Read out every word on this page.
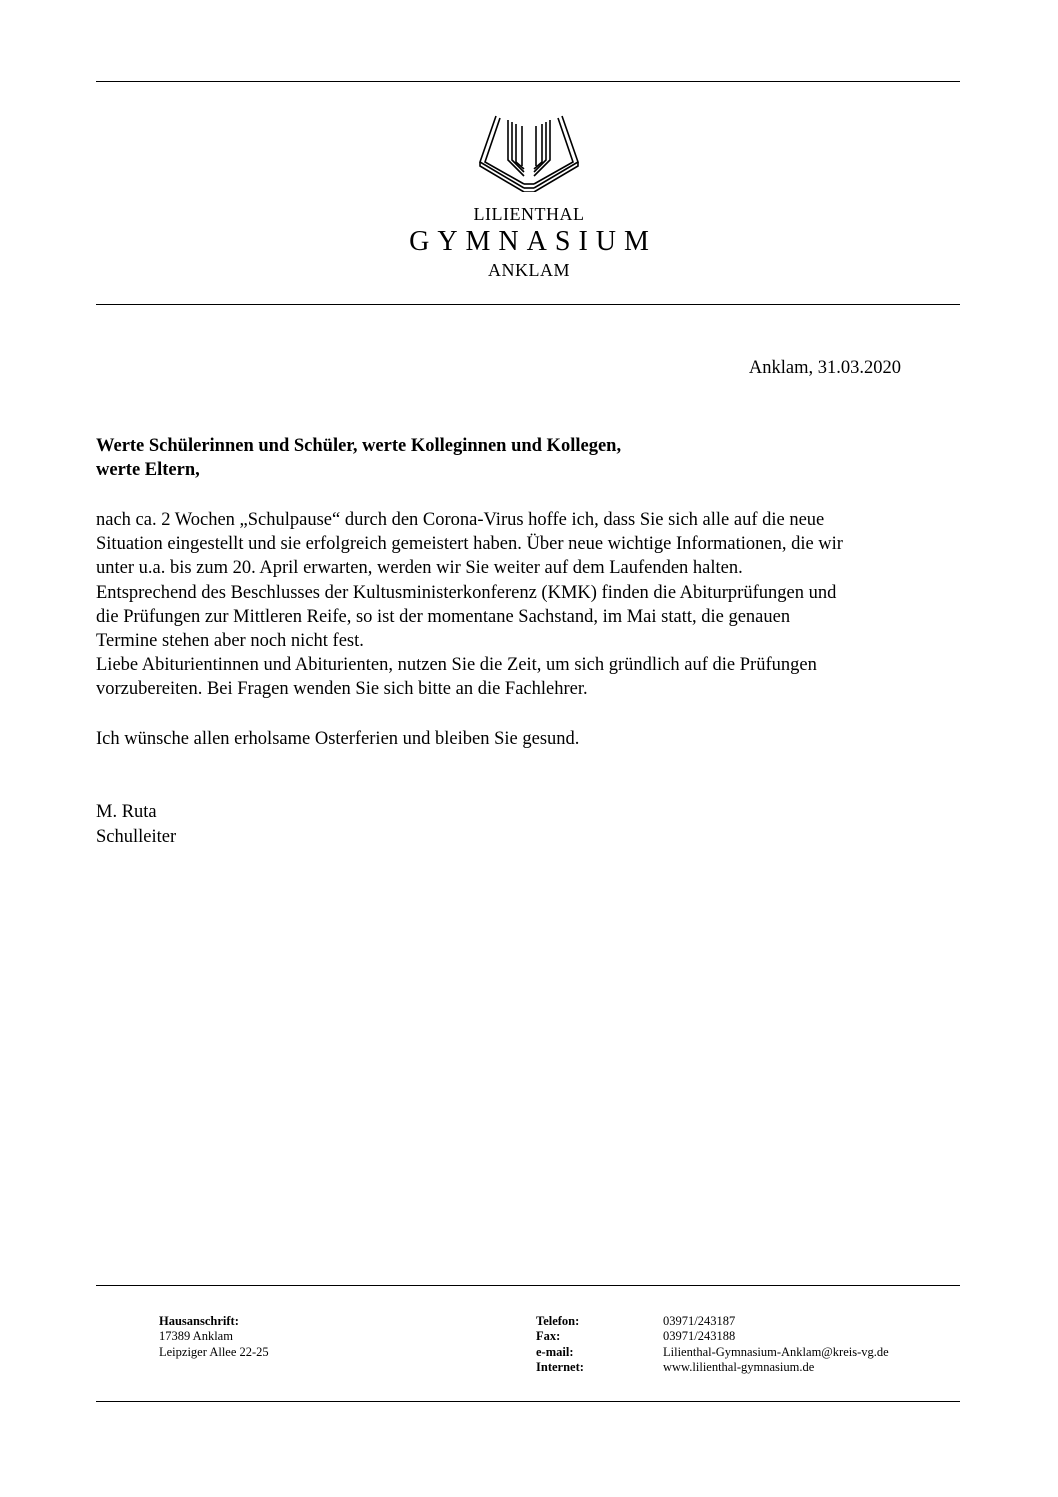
LILIENTHAL
GYMNASIUM
ANKLAM
Anklam, 31.03.2020
Werte Schülerinnen und Schüler, werte Kolleginnen und Kollegen,
werte Eltern,
nach ca. 2 Wochen „Schulpause“ durch den Corona-Virus hoffe ich, dass Sie sich alle auf die neue
Situation eingestellt und sie erfolgreich gemeistert haben. Über neue wichtige Informationen, die wir
unter u.a. bis zum 20. April erwarten, werden wir Sie weiter auf dem Laufenden halten.
Entsprechend des Beschlusses der Kultusministerkonferenz (KMK) finden die Abiturprüfungen und
die Prüfungen zur Mittleren Reife, so ist der momentane Sachstand, im Mai statt, die genauen
Termine stehen aber noch nicht fest.
Liebe Abiturientinnen und Abiturienten, nutzen Sie die Zeit, um sich gründlich auf die Prüfungen
vorzubereiten. Bei Fragen wenden Sie sich bitte an die Fachlehrer.
Ich wünsche allen erholsame Osterferien und bleiben Sie gesund.
M. Ruta
Schulleiter
Hausanschrift:
17389 Anklam
Leipziger Allee 22-25
Telefon:
Fax:
e-mail:
Internet:
03971/243187
03971/243188
Lilienthal-Gymnasium-Anklam@kreis-vg.de
www.lilienthal-gymnasium.de
